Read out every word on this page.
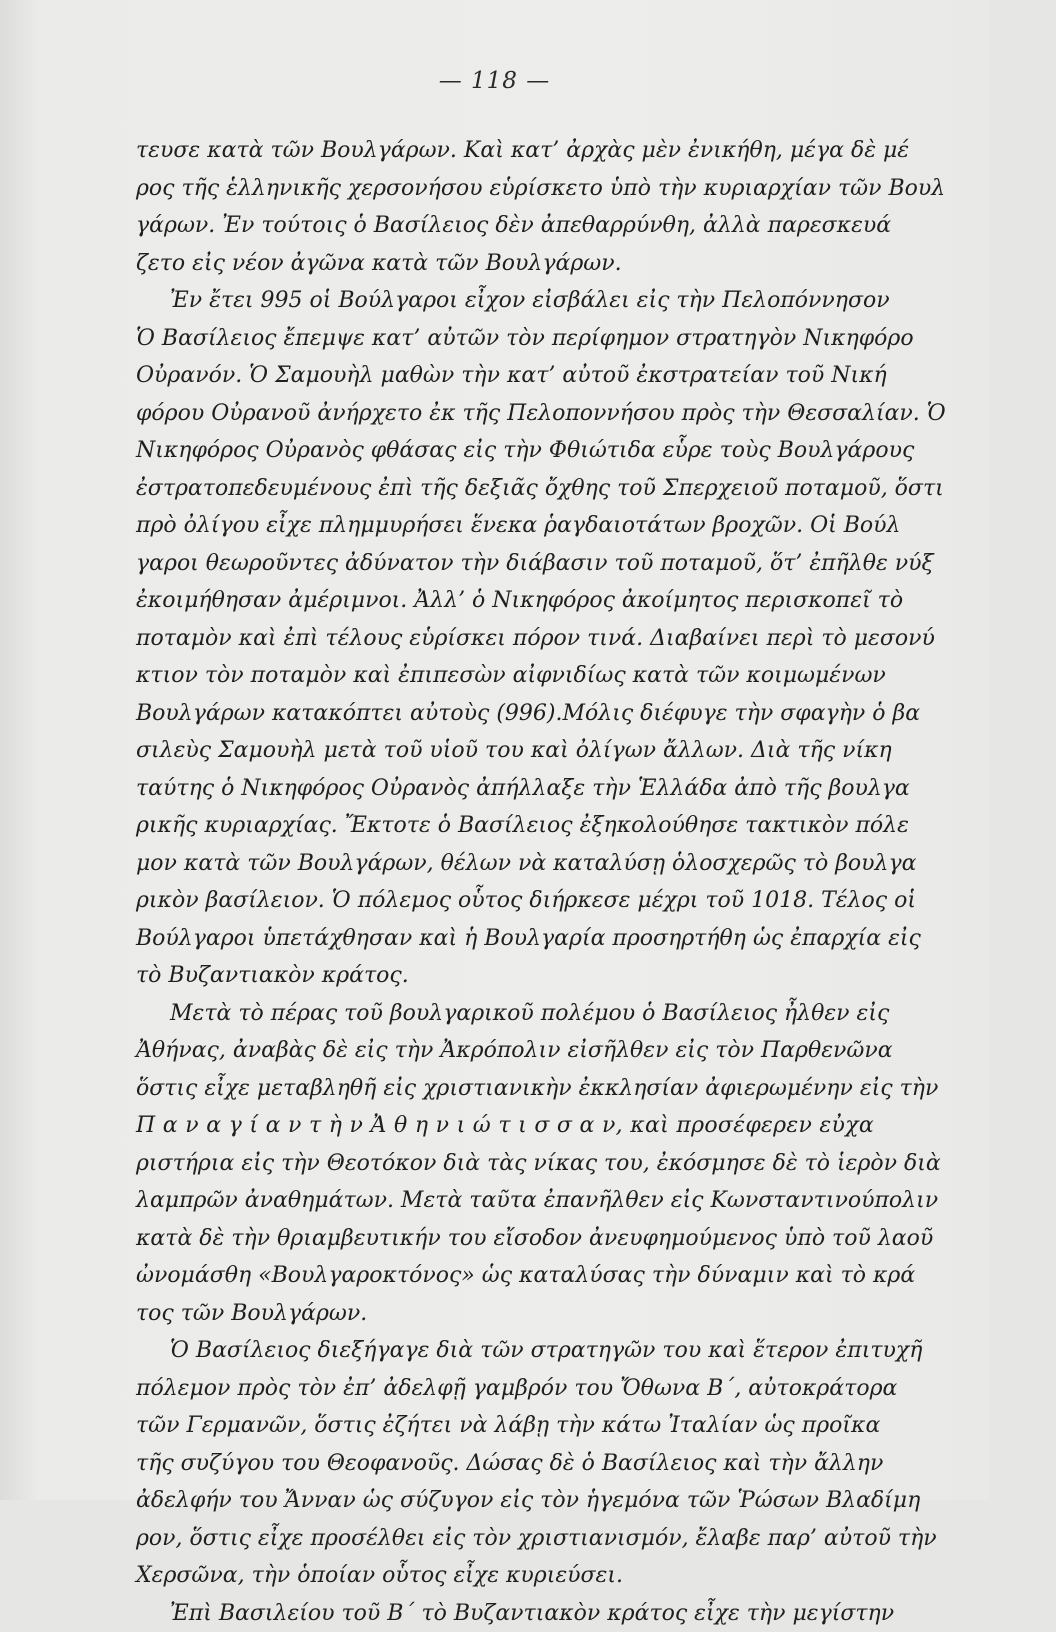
— 118 —
τευσε κατὰ τῶν Βουλγάρων. Καὶ κατ’ ἀρχὰς μὲν ἐνικήθη, μέγα δὲ μέ
ρος τῆς ἑλληνικῆς χερσονήσου εὑρίσκετο ὑπὸ τὴν κυριαρχίαν τῶν Βουλ
γάρων. Ἐν τούτοις ὁ Βασίλειος δὲν ἀπεθαρρύνθη, ἀλλὰ παρεσκευά
ζετο εἰς νέον ἀγῶνα κατὰ τῶν Βουλγάρων.
Ἐν ἔτει 995 οἱ Βούλγαροι εἶχον εἰσβάλει εἰς τὴν Πελοπόννησον
Ὁ Βασίλειος ἔπεμψε κατ’ αὐτῶν τὸν περίφημον στρατηγὸν Νικηφόρο
Οὐρανόν. Ὁ Σαμουὴλ μαθὼν τὴν κατ’ αὐτοῦ ἐκστρατείαν τοῦ Νική
φόρου Οὐρανοῦ ἀνήρχετο ἐκ τῆς Πελοποννήσου πρὸς τὴν Θεσσαλίαν. Ὁ
Νικηφόρος Οὐρανὸς φθάσας εἰς τὴν Φθιώτιδα εὗρε τοὺς Βουλγάρους
ἐστρατοπεδευμένους ἐπὶ τῆς δεξιᾶς ὄχθης τοῦ Σπερχειοῦ ποταμοῦ, ὅστι
πρὸ ὀλίγου εἶχε πλημμυρήσει ἕνεκα ῥαγδαιοτάτων βροχῶν. Οἱ Βούλ
γαροι θεωροῦντες ἀδύνατον τὴν διάβασιν τοῦ ποταμοῦ, ὅτ’ ἐπῆλθε νύξ
ἐκοιμήθησαν ἀμέριμνοι. Ἀλλ’ ὁ Νικηφόρος ἀκοίμητος περισκοπεῖ τὸ
ποταμὸν καὶ ἐπὶ τέλους εὑρίσκει πόρον τινά. Διαβαίνει περὶ τὸ μεσονύ
κτιον τὸν ποταμὸν καὶ ἐπιπεσὼν αἰφνιδίως κατὰ τῶν κοιμωμένων
Βουλγάρων κατακόπτει αὐτοὺς (996).Μόλις διέφυγε τὴν σφαγὴν ὁ βα
σιλεὺς Σαμουὴλ μετὰ τοῦ υἱοῦ του καὶ ὀλίγων ἄλλων. Διὰ τῆς νίκη
ταύτης ὁ Νικηφόρος Οὐρανὸς ἀπήλλαξε τὴν Ἑλλάδα ἀπὸ τῆς βουλγα
ρικῆς κυριαρχίας. Ἔκτοτε ὁ Βασίλειος ἐξηκολούθησε τακτικὸν πόλε
μον κατὰ τῶν Βουλγάρων, θέλων νὰ καταλύσῃ ὁλοσχερῶς τὸ βουλγα
ρικὸν βασίλειον. Ὁ πόλεμος οὗτος διήρκεσε μέχρι τοῦ 1018. Τέλος οἱ
Βούλγαροι ὑπετάχθησαν καὶ ἡ Βουλγαρία προσηρτήθη ὡς ἐπαρχία εἰς
τὸ Βυζαντιακὸν κράτος.
Μετὰ τὸ πέρας τοῦ βουλγαρικοῦ πολέμου ὁ Βασίλειος ἦλθεν εἰς
Ἀθήνας, ἀναβὰς δὲ εἰς τὴν Ἀκρόπολιν εἰσῆλθεν εἰς τὸν Παρθενῶνα
ὅστις εἶχε μεταβληθῆ εἰς χριστιανικὴν ἐκκλησίαν ἀφιερωμένην εἰς τὴν
Π α ν α γ ί α ν τ ὴ ν Ἀ θ η ν ι ώ τ ι σ σ α ν, καὶ προσέφερεν εὐχα
ριστήρια εἰς τὴν Θεοτόκον διὰ τὰς νίκας του, ἐκόσμησε δὲ τὸ ἱερὸν διὰ
λαμπρῶν ἀναθημάτων. Μετὰ ταῦτα ἐπανῆλθεν εἰς Κωνσταντινούπολιν
κατὰ δὲ τὴν θριαμβευτικήν του εἴσοδον ἀνευφημούμενος ὑπὸ τοῦ λαοῦ
ὠνομάσθη «Βουλγαροκτόνος» ὡς καταλύσας τὴν δύναμιν καὶ τὸ κρά
τος τῶν Βουλγάρων.
Ὁ Βασίλειος διεξήγαγε διὰ τῶν στρατηγῶν του καὶ ἕτερον ἐπιτυχῆ
πόλεμον πρὸς τὸν ἐπ’ ἀδελφῇ γαμβρόν του Ὄθωνα Β΄, αὐτοκράτορα
τῶν Γερμανῶν, ὅστις ἐζήτει νὰ λάβῃ τὴν κάτω Ἰταλίαν ὡς προῖκα
τῆς συζύγου του Θεοφανοῦς. Δώσας δὲ ὁ Βασίλειος καὶ τὴν ἄλλην
ἀδελφήν του Ἄνναν ὡς σύζυγον εἰς τὸν ἡγεμόνα τῶν Ῥώσων Βλαδίμη
ρον, ὅστις εἶχε προσέλθει εἰς τὸν χριστιανισμόν, ἔλαβε παρ’ αὐτοῦ τὴν
Χερσῶνα, τὴν ὁποίαν οὗτος εἶχε κυριεύσει.
Ἐπὶ Βασιλείου τοῦ Β΄ τὸ Βυζαντιακὸν κράτος εἶχε τὴν μεγίστην
